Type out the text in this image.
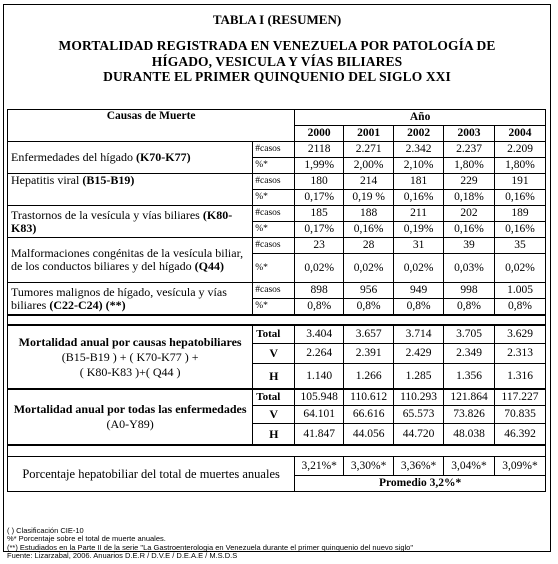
TABLA I (RESUMEN)
MORTALIDAD REGISTRADA EN VENEZUELA POR PATOLOGÍA DE
HÍGADO, VESICULA Y VÍAS BILIARES
DURANTE EL PRIMER QUINQUENIO DEL SIGLO XXI
Causas de Muerte		Año				
		2000	2001	2002	2003	2004
Enfermedades del hígado (K70-K77)	#casos	2118	2.271	2.342	2.237	2.209
	%*	1,99%	2,00%	2,10%	1,80%	1,80%
Hepatitis viral (B15-B19)	#casos	180	214	181	229	191
	%*	0,17%	0,19 %	0,16%	0,18%	0,16%
Trastornos de la vesícula y vías biliares (K80-K83)	#casos	185	188	211	202	189
	%*	0,17%	0,16%	0,19%	0,16%	0,16%
Malformaciones congénitas de la vesícula biliar, de los conductos biliares y del hígado (Q44)	#casos	23	28	31	39	35
	%*	0,02%	0,02%	0,02%	0,03%	0,02%
Tumores malignos de hígado, vesícula y vías biliares (C22-C24) (**)	#casos	898	956	949	998	1.005
	%*	0,8%	0,8%	0,8%	0,8%	0,8%

Mortalidad anual por causas hepatobiliares
(B15-B19 ) + ( K70-K77 ) +
( K80-K83 )+( Q44 )	Total	3.404	3.657	3.714	3.705	3.629
	V	2.264	2.391	2.429	2.349	2.313
	H	1.140	1.266	1.285	1.356	1.316
Mortalidad anual por todas las enfermedades
(A0-Y89)	Total	105.948	110.612	110.293	121.864	117.227
	V	64.101	66.616	65.573	73.826	70.835
	H	41.847	44.056	44.720	48.038	46.392

Porcentaje hepatobiliar del total de muertes anuales		3,21%*	3,30%*	3,36%*	3,04%*	3,09%*
		Promedio 3,2%*				
( ) Clasificación CIE-10
%* Porcentaje sobre el total de muerte anuales.
(**) Estudiados en la Parte II de la serie "La Gastroenterologia en Venezuela durante el primer quinquenio del nuevo siglo"
Fuente: Lizarzabal, 2006. Anuarios D.E.R / D.V.E / D.E.A.E / M.S.D.S
